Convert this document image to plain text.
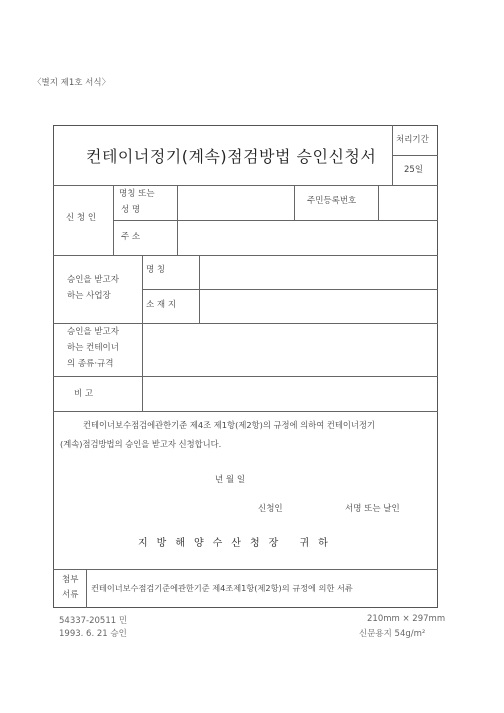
〈별지 제1호 서식〉
컨테이너정기(계속)점검방법 승인신청서
처리기간
25일
신 청 인
명칭 또는
성 명
주민등록번호
주 소
승인을 받고자
하는 사업장
명 칭
소 재 지
승인을 받고자
하는 컨테이너
의 종류·규격
비 고
컨테이너보수점검에관한기준 제4조 제1항(제2항)의 규정에 의하여 컨테이너정기
(계속)점검방법의 승인을 받고자 신청합니다.
년 월 일
신청인	서명 또는 날인
지방해양수산청장 귀하
첨부
서류
컨테이너보수점검기준에관한기준 제4조제1항(제2항)의 규정에 의한 서류
54337-20511 민
1993. 6. 21 승인
210mm × 297mm
신문용지 54g/m²
